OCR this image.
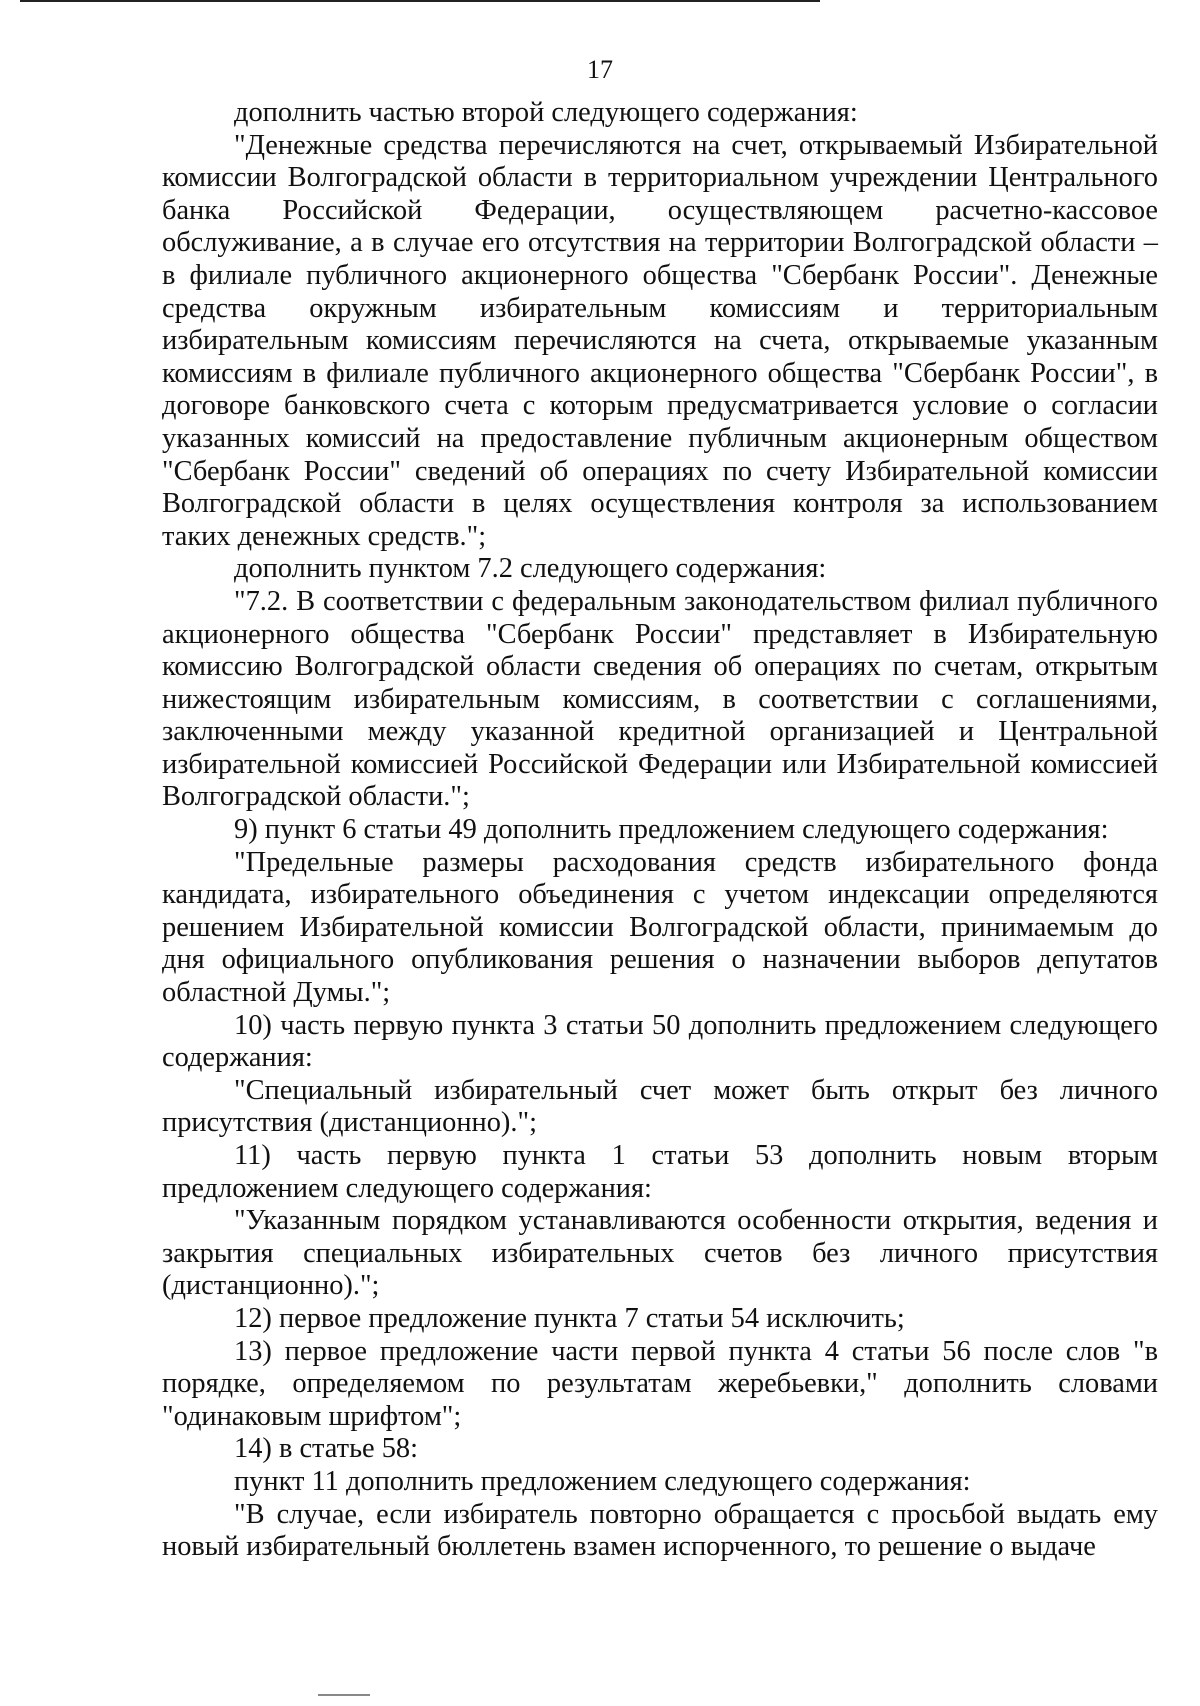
17

дополнить частью второй следующего содержания:

"Денежные средства перечисляются на счет, открываемый Избирательной комиссии Волгоградской области в территориальном учреждении Центрального банка Российской Федерации, осуществляющем расчетно-кассовое обслуживание, а в случае его отсутствия на территории Волгоградской области – в филиале публичного акционерного общества "Сбербанк России". Денежные средства окружным избирательным комиссиям и территориальным избирательным комиссиям перечисляются на счета, открываемые указанным комиссиям в филиале публичного акционерного общества "Сбербанк России", в договоре банковского счета с которым предусматривается условие о согласии указанных комиссий на предоставление публичным акционерным обществом "Сбербанк России" сведений об операциях по счету Избирательной комиссии Волгоградской области в целях осуществления контроля за использованием таких денежных средств.";

дополнить пунктом 7.2 следующего содержания:

"7.2. В соответствии с федеральным законодательством филиал публичного акционерного общества "Сбербанк России" представляет в Избирательную комиссию Волгоградской области сведения об операциях по счетам, открытым нижестоящим избирательным комиссиям, в соответствии с соглашениями, заключенными между указанной кредитной организацией и Центральной избирательной комиссией Российской Федерации или Избирательной комиссией Волгоградской области.";

9) пункт 6 статьи 49 дополнить предложением следующего содержания:

"Предельные размеры расходования средств избирательного фонда кандидата, избирательного объединения с учетом индексации определяются решением Избирательной комиссии Волгоградской области, принимаемым до дня официального опубликования решения о назначении выборов депутатов областной Думы.";

10) часть первую пункта 3 статьи 50 дополнить предложением следующего содержания:

"Специальный избирательный счет может быть открыт без личного присутствия (дистанционно).";

11) часть первую пункта 1 статьи 53 дополнить новым вторым предложением следующего содержания:

"Указанным порядком устанавливаются особенности открытия, ведения и закрытия специальных избирательных счетов без личного присутствия (дистанционно).";

12) первое предложение пункта 7 статьи 54 исключить;

13) первое предложение части первой пункта 4 статьи 56 после слов "в порядке, определяемом по результатам жеребьевки," дополнить словами "одинаковым шрифтом";

14) в статье 58:

пункт 11 дополнить предложением следующего содержания:

"В случае, если избиратель повторно обращается с просьбой выдать ему новый избирательный бюллетень взамен испорченного, то решение о выдаче
